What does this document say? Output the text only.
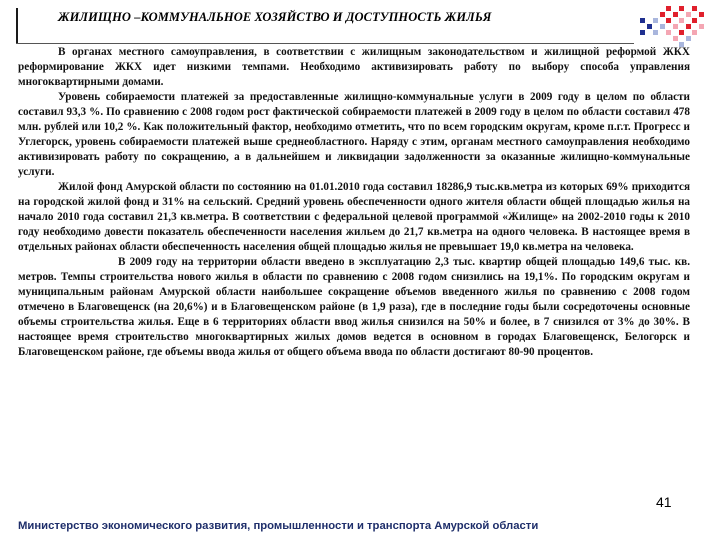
ЖИЛИЩНО –КОММУНАЛЬНОЕ ХОЗЯЙСТВО И ДОСТУПНОСТЬ ЖИЛЬЯ

В органах местного самоуправления, в соответствии с жилищным законодательством и жилищной реформой ЖКХ реформирование ЖКХ идет низкими темпами. Необходимо активизировать работу по выбору способа управления многоквартирными домами.

Уровень собираемости платежей за предоставленные жилищно-коммунальные услуги в 2009 году в целом по области составил 93,3 %. По сравнению с 2008 годом рост фактической собираемости платежей в 2009 году в целом по области составил 478 млн. рублей или 10,2 %. Как положительный фактор, необходимо отметить, что по всем городским округам, кроме п.г.т. Прогресс и Углегорск, уровень собираемости платежей выше среднеобластного. Наряду с этим, органам местного самоуправления необходимо активизировать работу по сокращению, а в дальнейшем и ликвидации задолженности за оказанные жилищно-коммунальные услуги.

Жилой фонд Амурской области по состоянию на 01.01.2010 года составил 18286,9 тыс.кв.метра из которых 69% приходится на городской жилой фонд и 31% на сельский. Средний уровень обеспеченности одного жителя области общей площадью жилья на начало 2010 года составил 21,3 кв.метра. В соответствии с федеральной целевой программой «Жилище» на 2002-2010 годы к 2010 году необходимо довести показатель обеспеченности населения жильем до 21,7 кв.метра на одного человека. В настоящее время в отдельных районах области обеспеченность населения общей площадью жилья не превышает 19,0 кв.метра на человека.

В 2009 году на территории области введено в эксплуатацию 2,3 тыс. квартир общей площадью 149,6 тыс. кв. метров. Темпы строительства нового жилья в области по сравнению с 2008 годом снизились на 19,1%. По городским округам и муниципальным районам Амурской области наибольшее сокращение объемов введенного жилья по сравнению с 2008 годом отмечено в Благовещенск (на 20,6%) и в Благовещенском районе (в 1,9 раза), где в последние годы были сосредоточены основные объемы строительства жилья. Еще в 6 территориях области ввод жилья снизился на 50% и более, в 7 снизился от 3% до 30%. В настоящее время строительство многоквартирных жилых домов ведется в основном в городах Благовещенск, Белогорск и Благовещенском районе, где объемы ввода жилья от общего объема ввода по области достигают 80-90 процентов.

41
Министерство экономического развития, промышленности и транспорта Амурской области
